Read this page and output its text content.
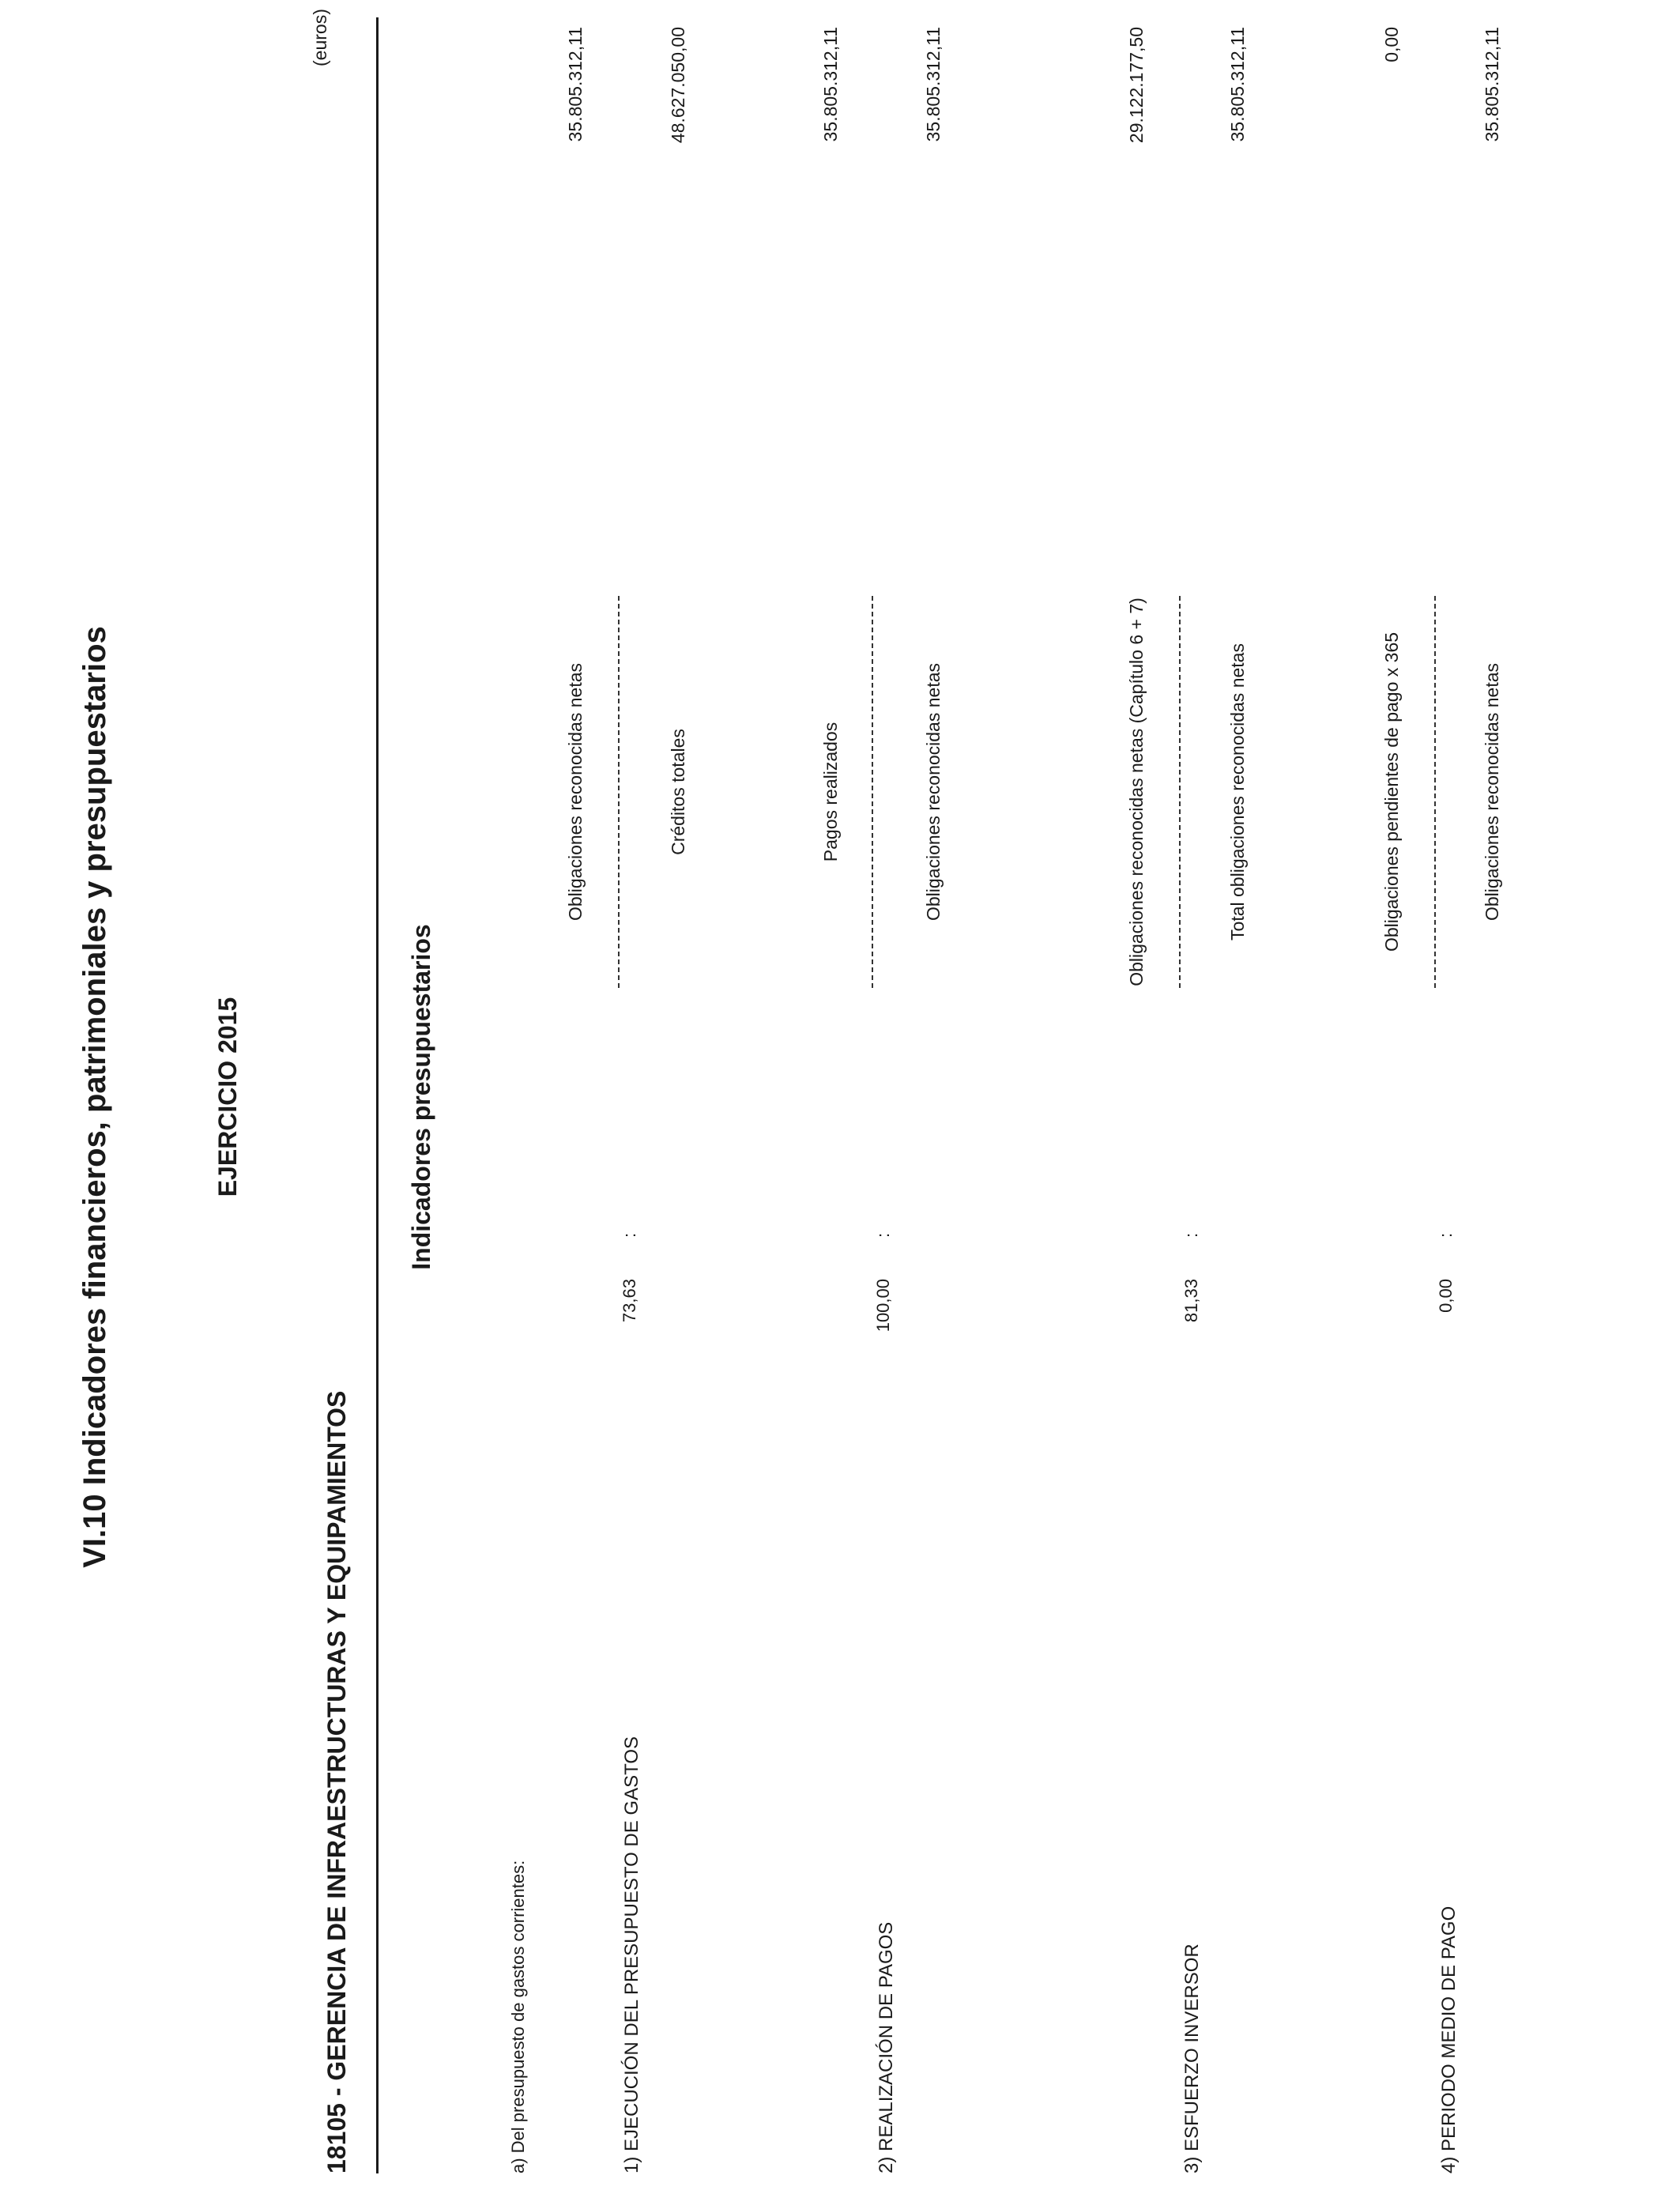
VI.10 Indicadores financieros, patrimoniales y presupuestarios	EJERCICIO 2015
18105 - GERENCIA DE INFRAESTRUCTURAS Y EQUIPAMIENTOS
(euros)
Indicadores presupuestarios
a) Del presupuesto de gastos corrientes:	1) EJECUCIÓN DEL PRESUPUESTO DE GASTOS
73,63
:
Obligaciones reconocidas netas	Créditos totales
35.805.312,11	48.627.050,00
2) REALIZACIÓN DE PAGOS
100,00
:
Pagos realizados	Obligaciones reconocidas netas
35.805.312,11	35.805.312,11
3) ESFUERZO INVERSOR
81,33
:
Obligaciones reconocidas netas (Capítulo 6 + 7)	Total obligaciones reconocidas netas
29.122.177,50	35.805.312,11
4) PERIODO MEDIO DE PAGO
0,00
:
Obligaciones pendientes de pago x 365	Obligaciones reconocidas netas
0,00	35.805.312,11
